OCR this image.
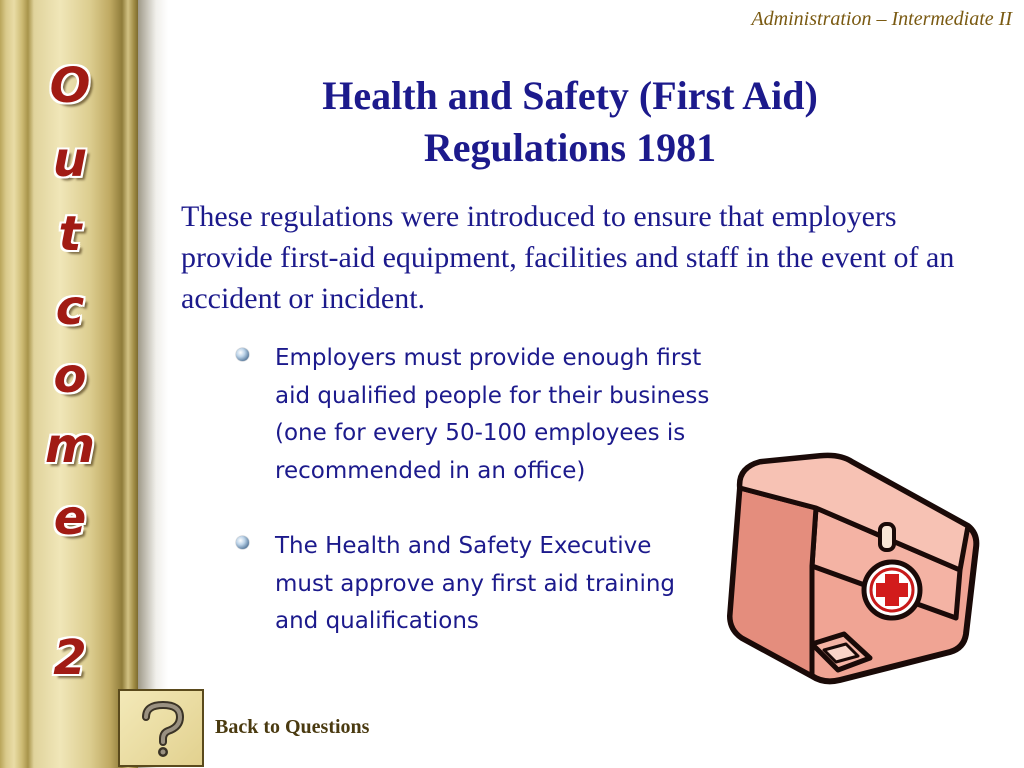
O
u
t
c
o
m
e
2
Administration – Intermediate II
Health and Safety (First Aid)
Regulations 1981
These regulations were introduced to ensure that employers provide first-aid equipment, facilities and staff in the event of an accident or incident.
Employers must provide enough first aid qualified people for their business (one for every 50-100 employees is recommended in an office)
The Health and Safety Executive must approve any first aid training and qualifications
Back to Questions
